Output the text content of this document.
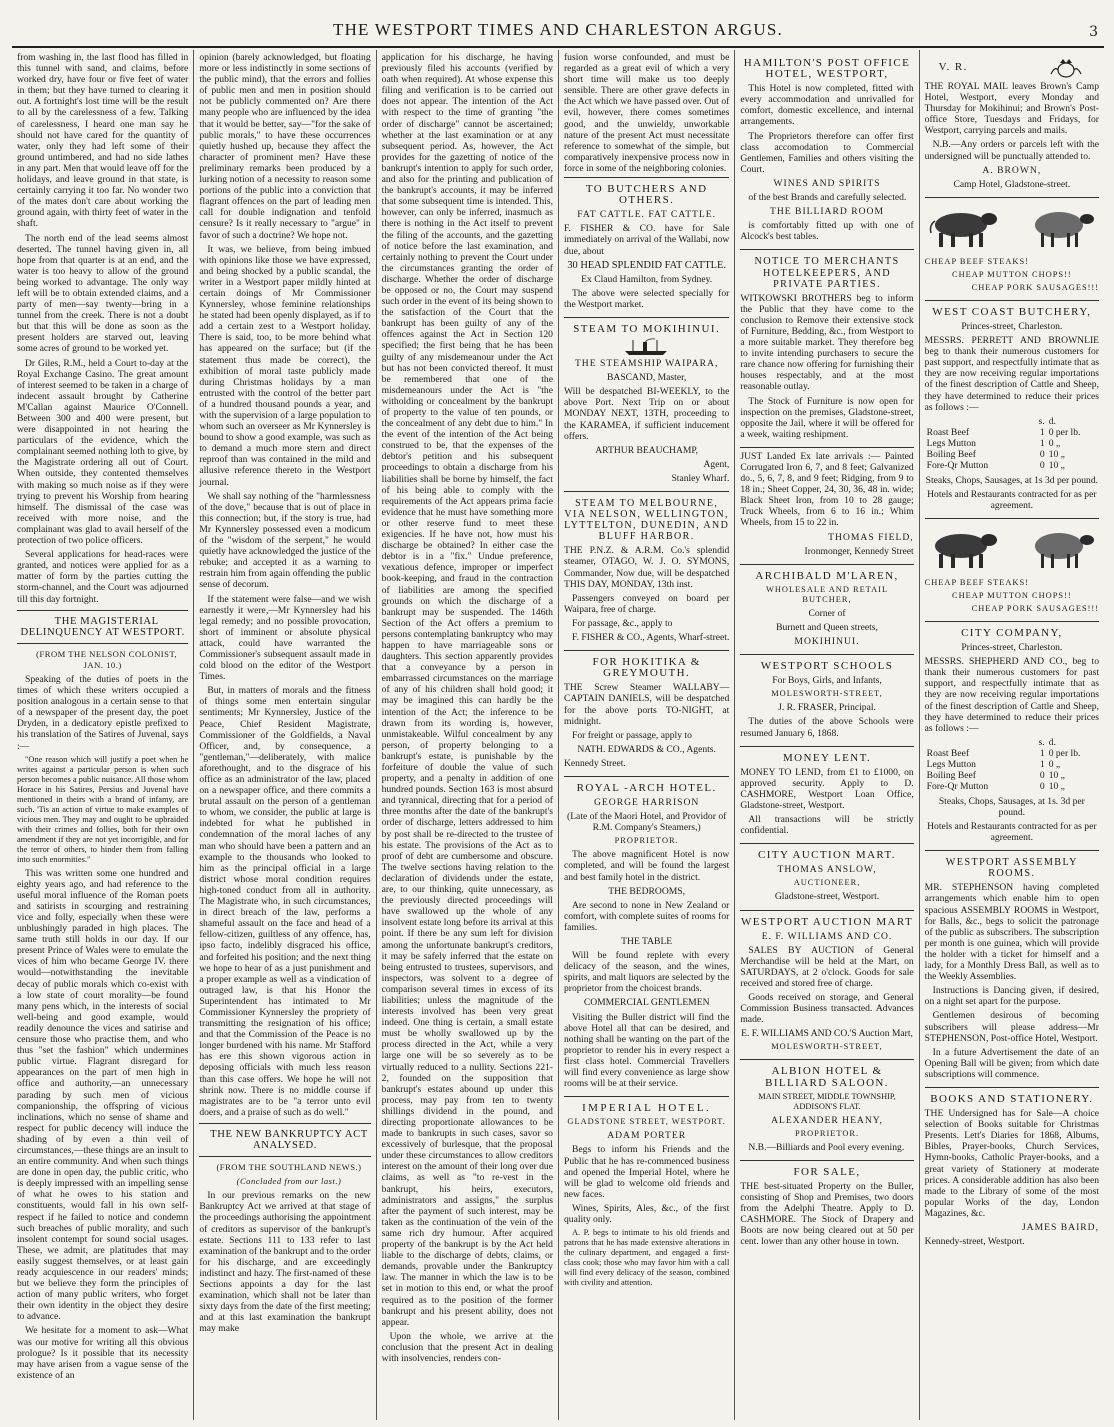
THE WESTPORT TIMES AND CHARLESTON ARGUS.	3

from washing in, the last flood has filled in this tunnel with sand, and claims, before worked dry, have four or five feet of water in them; but they have turned to clearing it out. A fortnight's lost time will be the result to all by the carelessness of a few. Talking of carelessness, I heard one man say he should not have cared for the quantity of water, only they had left some of their ground untimbered, and had no side lathes in any part. Men that would leave off for the holidays, and leave ground in that state, is certainly carrying it too far. No wonder two of the mates don't care about working the ground again, with thirty feet of water in the shaft.

The north end of the lead seems almost deserted. The tunnel having given in, all hope from that quarter is at an end, and the water is too heavy to allow of the ground being worked to advantage. The only way left will be to obtain extended claims, and a party of men—say twenty—bring in a tunnel from the creek. There is not a doubt but that this will be done as soon as the present holders are starved out, leaving some acres of ground to be worked yet.

Dr Giles, R.M., held a Court to-day at the Royal Exchange Casino. The great amount of interest seemed to be taken in a charge of indecent assault brought by Catherine M'Callan against Maurice O'Connell. Between 300 and 400 were present, but were disappointed in not hearing the particulars of the evidence, which the complainant seemed nothing loth to give, by the Magistrate ordering all out of Court. When outside, they contented themselves with making so much noise as if they were trying to prevent his Worship from hearing himself. The dismissal of the case was received with more noise, and the complainant was glad to avail herself of the protection of two police officers.

Several applications for head-races were granted, and notices were applied for as a matter of form by the parties cutting the storm-channel, and the Court was adjourned till this day fortnight.

THE MAGISTERIAL DELINQUENCY AT WESTPORT.

(FROM THE NELSON COLONIST, JAN. 10.)

Speaking of the duties of poets in the times of which these writers occupied a position analogous in a certain sense to that of a newspaper of the present day, the poet Dryden, in a dedicatory epistle prefixed to his translation of the Satires of Juvenal, says :—

"One reason which will justify a poet when he writes against a particular person is when such person becomes a public nuisance. All those whom Horace in his Satires, Persius and Juvenal have mentioned in theirs with a brand of infamy, are such. 'Tis an action of virtue to make examples of vicious men. They may and ought to be upbraided with their crimes and follies, both for their own amendment if they are not yet incorrigible, and for the terror of others, to hinder them from falling into such enormities."

This was written some one hundred and eighty years ago, and had reference to the useful moral influence of the Roman poets and satirists in scourging and restraining vice and folly, especially when these were unblushingly paraded in high places. The same truth still holds in our day. If our present Prince of Wales were to emulate the vices of him who became George IV. there would—notwithstanding the inevitable decay of public morals which co-exist with a low state of court morality—be found many pens which, in the interests of social well-being and good example, would readily denounce the vices and satirise and censure those who practise them, and who thus "set the fashion" which undermines public virtue. Flagrant disregard for appearances on the part of men high in office and authority,—an unnecessary parading by such men of vicious companionship, the offspring of vicious inclinations, which no sense of shame and respect for public decency will induce the shading of by even a thin veil of circumstances,—these things are an insult to an entire community. And when such things are done in open day, the public critic, who is deeply impressed with an impelling sense of what he owes to his station and constituents, would fall in his own self-respect if he failed to notice and condemn such breaches of public morality, and such insolent contempt for sound social usages. These, we admit, are platitudes that may easily suggest themselves, or at least gain ready acquiescence in our readers' minds; but we believe they form the principles of action of many public writers, who forget their own identity in the object they desire to advance.

We hesitate for a moment to ask—What was our motive for writing all this obvious prologue? Is it possible that its necessity may have arisen from a vague sense of the existence of an

opinion (barely acknowledged, but floating more or less indistinctly in some sections of the public mind), that the errors and follies of public men and men in position should not be publicly commented on? Are there many people who are influenced by the idea that it would be better, say—"for the sake of public morals," to have these occurrences quietly hushed up, because they affect the character of prominent men? Have these preliminary remarks been produced by a lurking notion of a necessity to reason some portions of the public into a conviction that flagrant offences on the part of leading men call for double indignation and tenfold censure? Is it really necessary to "argue" in favor of such a doctrine? We hope not.

It was, we believe, from being imbued with opinions like those we have expressed, and being shocked by a public scandal, the writer in a Westport paper mildly hinted at certain doings of Mr Commissioner Kynnersley, whose feminine relationships he stated had been openly displayed, as if to add a certain zest to a Westport holiday. There is said, too, to be more behind what has appeared on the surface; but (if the statement thus made be correct), the exhibition of moral taste publicly made during Christmas holidays by a man entrusted with the control of the better part of a hundred thousand pounds a year, and with the supervision of a large population to whom such an overseer as Mr Kynnersley is bound to show a good example, was such as to demand a much more stern and direct reproof than was contained in the mild and allusive reference thereto in the Westport journal.

We shall say nothing of the "harmlessness of the dove," because that is out of place in this connection; but, if the story is true, had Mr Kynnersley possessed even a modicum of the "wisdom of the serpent," he would quietly have acknowledged the justice of the rebuke; and accepted it as a warning to restrain him from again offending the public sense of decorum.

If the statement were false—and we wish earnestly it were,—Mr Kynnersley had his legal remedy; and no possible provocation, short of imminent or absolute physical attack, could have warranted the Commissioner's subsequent assault made in cold blood on the editor of the Westport Times.

But, in matters of morals and the fitness of things some men entertain singular sentiments; Mr Kynnersley, Justice of the Peace, Chief Resident Magistrate, Commissioner of the Goldfields, a Naval Officer, and, by consequence, a "gentleman,"—deliberately, with malice aforethought, and to the disgrace of his office as an administrator of the law, placed on a newspaper office, and there commits a brutal assault on the person of a gentleman to whom, we consider, the public at large is indebted for what he published in condemnation of the moral laches of any man who should have been a pattern and an example to the thousands who looked to him as the principal official in a large district whose moral condition requires high-toned conduct from all in authority. The Magistrate who, in such circumstances, in direct breach of the law, performs a shameful assault on the face and head of a fellow-citizen, guiltless of any offence, has, ipso facto, indelibly disgraced his office, and forfeited his position; and the next thing we hope to hear of as a just punishment and a proper example as well as a vindication of outraged law, is that his Honor the Superintendent has intimated to Mr Commissioner Kynnersley the propriety of transmitting the resignation of his office; and that the Commission of the Peace is no longer burdened with his name. Mr Stafford has ere this shown vigorous action in deposing officials with much less reason than this case offers. We hope he will not shrink now. There is no middle course if magistrates are to be "a terror unto evil doers, and a praise of such as do well."

THE NEW BANKRUPTCY ACT ANALYSED.

(FROM THE SOUTHLAND NEWS.)

(Concluded from our last.)

In our previous remarks on the new Bankruptcy Act we arrived at that stage of the proceedings authorising the appointment of creditors as supervisor of the bankrupt's estate. Sections 111 to 133 refer to last examination of the bankrupt and to the order for his discharge, and are exceedingly indistinct and hazy. The first-named of these Sections appoints a day for the last examination, which shall not be later than sixty days from the date of the first meeting; and at this last examination the bankrupt may make

application for his discharge, he having previously filed his accounts (verified by oath when required). At whose expense this filing and verification is to be carried out does not appear. The intention of the Act with respect to the time of granting "the order of discharge" cannot be ascertained; whether at the last examination or at any subsequent period. As, however, the Act provides for the gazetting of notice of the bankrupt's intention to apply for such order, and also for the printing and publication of the bankrupt's accounts, it may be inferred that some subsequent time is intended. This, however, can only be inferred, inasmuch as there is nothing in the Act itself to prevent the filing of the accounts, and the gazetting of notice before the last examination, and certainly nothing to prevent the Court under the circumstances granting the order of discharge. Whether the order of discharge be opposed or no, the Court may suspend such order in the event of its being shown to the satisfaction of the Court that the bankrupt has been guilty of any of the offences against the Act in Section 120 specified; the first being that he has been guilty of any misdemeanour under the Act but has not been convicted thereof. It must be remembered that one of the misdemeanours under the Act is "the witholding or concealment by the bankrupt of property to the value of ten pounds, or the concealment of any debt due to him." In the event of the intention of the Act being construed to be, that the expenses of the debtor's petition and his subsequent proceedings to obtain a discharge from his liabilities shall be borne by himself, the fact of his being able to comply with the requirements of the Act appears prima facie evidence that he must have something more or other reserve fund to meet these exigencies. If he have not, how must his discharge be obtained? In either case the debtor is in a "fix." Undue preference, vexatious defence, improper or imperfect book-keeping, and fraud in the contraction of liabilities are among the specified grounds on which the discharge of a bankrupt may be suspended. The 146th Section of the Act offers a premium to persons contemplating bankruptcy who may happen to have marriageable sons or daughters. This section apparently provides that a conveyance by a person in embarrassed circumstances on the marriage of any of his children shall hold good; it may be imagined this can hardly be the intention of the Act; the inference to be drawn from its wording is, however, unmistakeable. Wilful concealment by any person, of property belonging to a bankrupt's estate, is punishable by the forfeiture of double the value of such property, and a penalty in addition of one hundred pounds. Section 163 is most absurd and tyrannical, directing that for a period of three months after the date of the bankrupt's order of discharge, letters addressed to him by post shall be re-directed to the trustee of his estate. The provisions of the Act as to proof of debt are cumbersome and obscure. The twelve sections having relation to the declaration of dividends under the estate, are, to our thinking, quite unnecessary, as the previously directed proceedings will have swallowed up the whole of any insolvent estate long before its arrival at this point. If there be any sum left for division among the unfortunate bankrupt's creditors, it may be safely inferred that the estate on being entrusted to trustees, supervisors, and inspectors, was solvent to a degree of comparison several times in excess of its liabilities; unless the magnitude of the interests involved has been very great indeed. One thing is certain, a small estate must be wholly swallowed up by the process directed in the Act, while a very large one will be so severely as to be virtually reduced to a nullity. Sections 221-2, founded on the supposition that bankrupt's estates abound up under this process, may pay from ten to twenty shillings dividend in the pound, and directing proportionate allowances to be made to bankrupts in such cases, savor so excessively of burlesque, that the proposal under these circumstances to allow creditors interest on the amount of their long over due claims, as well as "to re-vest in the bankrupt, his heirs, executors, administrators and assigns," the surplus after the payment of such interest, may be taken as the continuation of the vein of the same rich dry humour. After acquired property of the bankrupt is by the Act held liable to the discharge of debts, claims, or demands, provable under the Bankruptcy law. The manner in which the law is to be set in motion to this end, or what the proof required as to the position of the former bankrupt and his present ability, does not appear.

Upon the whole, we arrive at the conclusion that the present Act in dealing with insolvencies, renders con-

fusion worse confounded, and must be regarded as a great evil of which a very short time will make us too deeply sensible. There are other grave defects in the Act which we have passed over. Out of evil, however, there comes sometimes good, and the unwieldy, unworkable nature of the present Act must necessitate reference to somewhat of the simple, but comparatively inexpensive process now in force in some of the neighboring colonies.

TO BUTCHERS AND OTHERS.

FAT CATTLE. FAT CATTLE.

F. FISHER & CO. have for Sale immediately on arrival of the Wallabi, now due, about

30 HEAD SPLENDID FAT CATTLE.

Ex Claud Hamilton, from Sydney.

The above were selected specially for the Westport market.

STEAM TO MOKIHINUI.

THE STEAMSHIP WAIPARA,

BASCAND, Master,

Will be despatched BI-WEEKLY, to the above Port. Next Trip on or about MONDAY NEXT, 13TH, proceeding to the KARAMEA, if sufficient inducement offers.

ARTHUR BEAUCHAMP,

Agent,

Stanley Wharf.

STEAM TO MELBOURNE, VIA NELSON, WELLINGTON, LYTTELTON, DUNEDIN, AND BLUFF HARBOR.

THE P.N.Z. & A.R.M. Co.'s splendid steamer, OTAGO, W. J. O. SYMONS, Commander, Now due, will be despatched THIS DAY, MONDAY, 13th inst.

Passengers conveyed on board per Waipara, free of charge.

For passage, &c., apply to

F. FISHER & CO., Agents, Wharf-street.

FOR HOKITIKA & GREYMOUTH.

THE Screw Steamer WALLABY—CAPTAIN DANIELS, will be despatched for the above ports TO-NIGHT, at midnight.

For freight or passage, apply to

NATH. EDWARDS & CO., Agents.

Kennedy Street.

ROYAL -ARCH HOTEL.

GEORGE HARRISON

(Late of the Maori Hotel, and Providor of R.M. Company's Steamers,)

PROPRIETOR.

The above magnificent Hotel is now completed, and will be found the largest and best family hotel in the district.

THE BEDROOMS,

Are second to none in New Zealand or comfort, with complete suites of rooms for families.

THE TABLE

Will be found replete with every delicacy of the season, and the wines, spirits, and malt liquors are selected by the proprietor from the choicest brands.

COMMERCIAL GENTLEMEN

Visiting the Buller district will find the above Hotel all that can be desired, and nothing shall be wanting on the part of the proprietor to render his in every respect a first class hotel. Commercial Travellers will find every convenience as large show rooms will be at their service.

IMPERIAL HOTEL.

GLADSTONE STREET, WESTPORT.

ADAM PORTER

Begs to inform his Friends and the Public that he has re-commenced business and opened the Imperial Hotel, where he will be glad to welcome old friends and new faces.

Wines, Spirits, Ales, &c., of the first quality only.

A. P. begs to intimate to his old friends and patrons that he has made extensive alterations in the culinary department, and engaged a first-class cook; those who may favor him with a call will find every delicacy of the season, combined with civility and attention.

HAMILTON'S POST OFFICE HOTEL, WESTPORT,

This Hotel is now completed, fitted with every accommodation and unrivalled for comfort, domestic excellence, and internal arrangements.

The Proprietors therefore can offer first class accomodation to Commercial Gentlemen, Families and others visiting the Court.

WINES AND SPIRITS

of the best Brands and carefully selected.

THE BILLIARD ROOM

is comfortably fitted up with one of Alcock's best tables.

NOTICE TO MERCHANTS HOTELKEEPERS, AND PRIVATE PARTIES.

WITKOWSKI BROTHERS beg to inform the Public that they have come to the conclusion to Remove their extensive stock of Furniture, Bedding, &c., from Westport to a more suitable market. They therefore beg to invite intending purchasers to secure the rare chance now offering for furnishing their houses respectably, and at the most reasonable outlay.

The Stock of Furniture is now open for inspection on the premises, Gladstone-street, opposite the Jail, where it will be offered for a week, waiting reshipment.

JUST Landed Ex late arrivals :— Painted Corrugated Iron 6, 7, and 8 feet; Galvanized do., 5, 6, 7, 8, and 9 feet; Ridging, from 9 to 18 in.; Sheet Copper, 24, 30, 36, 48 in. wide; Black Sheet Iron, from 10 to 28 gauge; Truck Wheels, from 6 to 16 in.; Whim Wheels, from 15 to 22 in.

THOMAS FIELD,

Ironmonger, Kennedy Street

ARCHIBALD M'LAREN,

WHOLESALE AND RETAIL BUTCHER,

Corner of

Burnett and Queen streets,

MOKIHINUI.

WESTPORT SCHOOLS

For Boys, Girls, and Infants,

MOLESWORTH-STREET,

J. R. FRASER, Principal.

The duties of the above Schools were resumed January 6, 1868.

MONEY LENT.

MONEY TO LEND, from £1 to £1000, on approved security. Apply to D. CASHMORE, Westport Loan Office, Gladstone-street, Westport.

All transactions will be strictly confidential.

CITY AUCTION MART.

THOMAS ANSLOW,

AUCTIONEER,

Gladstone-street, Westport.

WESTPORT AUCTION MART

E. F. WILLIAMS AND CO.

SALES BY AUCTION of General Merchandise will be held at the Mart, on SATURDAYS, at 2 o'clock. Goods for sale received and stored free of charge.

Goods received on storage, and General Commission Business transacted. Advances made.

E. F. WILLIAMS AND CO.'S Auction Mart,

MOLESWORTH-STREET,

ALBION HOTEL & BILLIARD SALOON.

MAIN STREET, MIDDLE TOWNSHIP, ADDISON'S FLAT.

ALEXANDER HEANY,

PROPRIETOR.

N.B.—Billiards and Pool every evening.

FOR SALE,

THE best-situated Property on the Buller, consisting of Shop and Premises, two doors from the Adelphi Theatre. Apply to D. CASHMORE. The Stock of Drapery and Boots are now being cleared out at 50 per cent. lower than any other house in town.

V. R.

THE ROYAL MAIL leaves Brown's Camp Hotel, Westport, every Monday and Thursday for Mokihinui; and Brown's Post-office Store, Tuesdays and Fridays, for Westport, carrying parcels and mails.

N.B.—Any orders or parcels left with the undersigned will be punctually attended to.

A. BROWN,

Camp Hotel, Gladstone-street.

CHEAP BEEF STEAKS!

CHEAP MUTTON CHOPS!!

CHEAP PORK SAUSAGES!!!

WEST COAST BUTCHERY,

Princes-street, Charleston.

MESSRS. PERRETT AND BROWNLIE beg to thank their numerous customers for past support, and respectfully intimate that as they are now receiving regular importations of the finest description of Cattle and Sheep, they have determined to reduce their prices as follows :—

	s.	d.
Roast Beef	1	0 per lb.
Legs Mutton	1	0 „
Boiling Beef	0	10 „
Fore-Qr Mutton	0	10 „

Steaks, Chops, Sausages, at 1s 3d per pound.

Hotels and Restaurants contracted for as per agreement.

CHEAP BEEF STEAKS!

CHEAP MUTTON CHOPS!!

CHEAP PORK SAUSAGES!!!

CITY COMPANY,

Princes-street, Charleston.

MESSRS. SHEPHERD AND CO., beg to thank their numerous customers for past support, and respectfully intimate that as they are now receiving regular importations of the finest description of Cattle and Sheep, they have determined to reduce their prices as follows :—

	s.	d.
Roast Beef	1	0 per lb.
Legs Mutton	1	0 „
Boiling Beef	0	10 „
Fore-Qr Mutton	0	10 „

Steaks, Chops, Sausages, at 1s. 3d per pound.

Hotels and Restaurants contracted for as per agreement.

WESTPORT ASSEMBLY ROOMS.

MR. STEPHENSON having completed arrangements which enable him to open spacious ASSEMBLY ROOMS in Westport, for Balls, &c., begs to solicit the patronage of the public as subscribers. The subscription per month is one guinea, which will provide the holder with a ticket for himself and a lady, for a Monthly Dress Ball, as well as to the Weekly Assemblies.

Instructions is Dancing given, if desired, on a night set apart for the purpose.

Gentlemen desirous of becoming subscribers will please address—Mr STEPHENSON, Post-office Hotel, Westport.

In a future Advertisement the date of an Opening Ball will be given; from which date subscriptions will commence.

BOOKS AND STATIONERY.

THE Undersigned has for Sale—A choice selection of Books suitable for Christmas Presents. Lett's Diaries for 1868, Albums, Bibles, Prayer-books, Church Services, Hymn-books, Catholic Prayer-books, and a great variety of Stationery at moderate prices. A considerable addition has also been made to the Library of some of the most popular Works of the day, London Magazines, &c.

JAMES BAIRD,

Kennedy-street, Westport.
